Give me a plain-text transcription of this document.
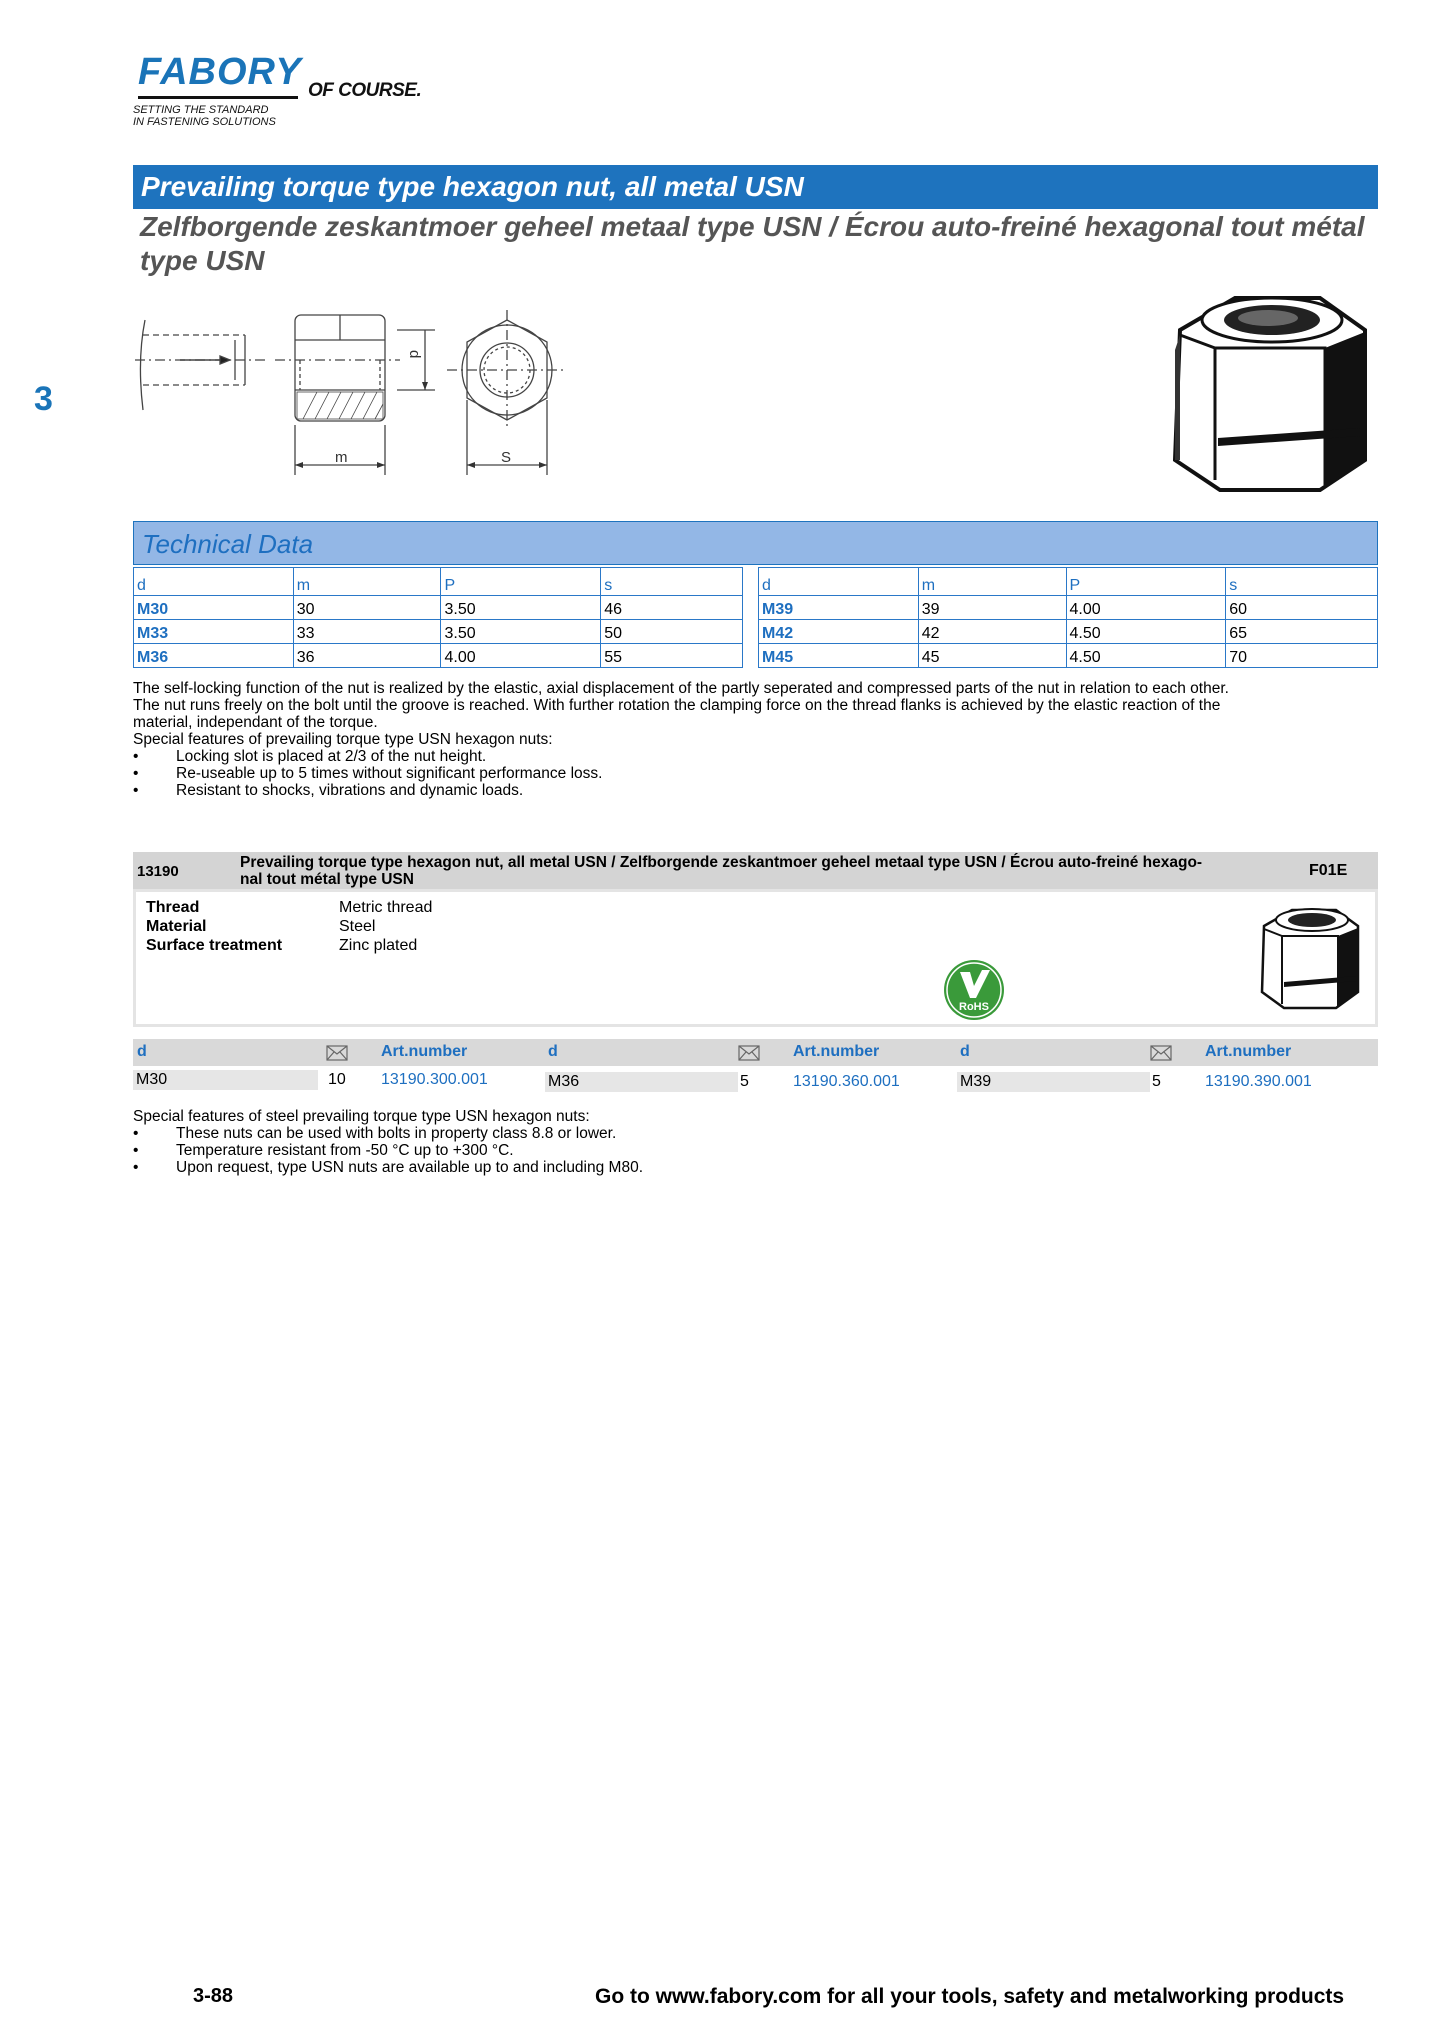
FABORY OF COURSE.
SETTING THE STANDARD
IN FASTENING SOLUTIONS
3
Prevailing torque type hexagon nut, all metal USN
Zelfborgende zeskantmoer geheel metaal type USN / Écrou auto-freiné hexagonal tout métal type USN
m	S
d
Technical Data
d	m	P	s
M30	30	3.50	46
M33	33	3.50	50
M36	36	4.00	55
d	m	P	s
M39	39	4.00	60
M42	42	4.50	65
M45	45	4.50	70
The self-locking function of the nut is realized by the elastic, axial displacement of the partly seperated and compressed parts of the nut in relation to each other.
The nut runs freely on the bolt until the groove is reached. With further rotation the clamping force on the thread flanks is achieved by the elastic reaction of the
material, independant of the torque.
Special features of prevailing torque type USN hexagon nuts:
•	Locking slot is placed at 2/3 of the nut height.
•	Re-useable up to 5 times without significant performance loss.
•	Resistant to shocks, vibrations and dynamic loads.
13190
Prevailing torque type hexagon nut, all metal USN / Zelfborgende zeskantmoer geheel metaal type USN / Écrou auto-freiné hexago-
nal tout métal type USN
F01E
Thread	Metric thread
Material	Steel
Surface treatment	Zinc plated
RoHS
d	Art.number	d	Art.number	d	Art.number
M30	10 13190.300.001	M36	5	13190.360.001	M39	5	13190.390.001
Special features of steel prevailing torque type USN hexagon nuts:
•	These nuts can be used with bolts in property class 8.8 or lower.
•	Temperature resistant from -50 °C up to +300 °C.
•	Upon request, type USN nuts are available up to and including M80.
3-88	Go to www.fabory.com for all your tools, safety and metalworking products
